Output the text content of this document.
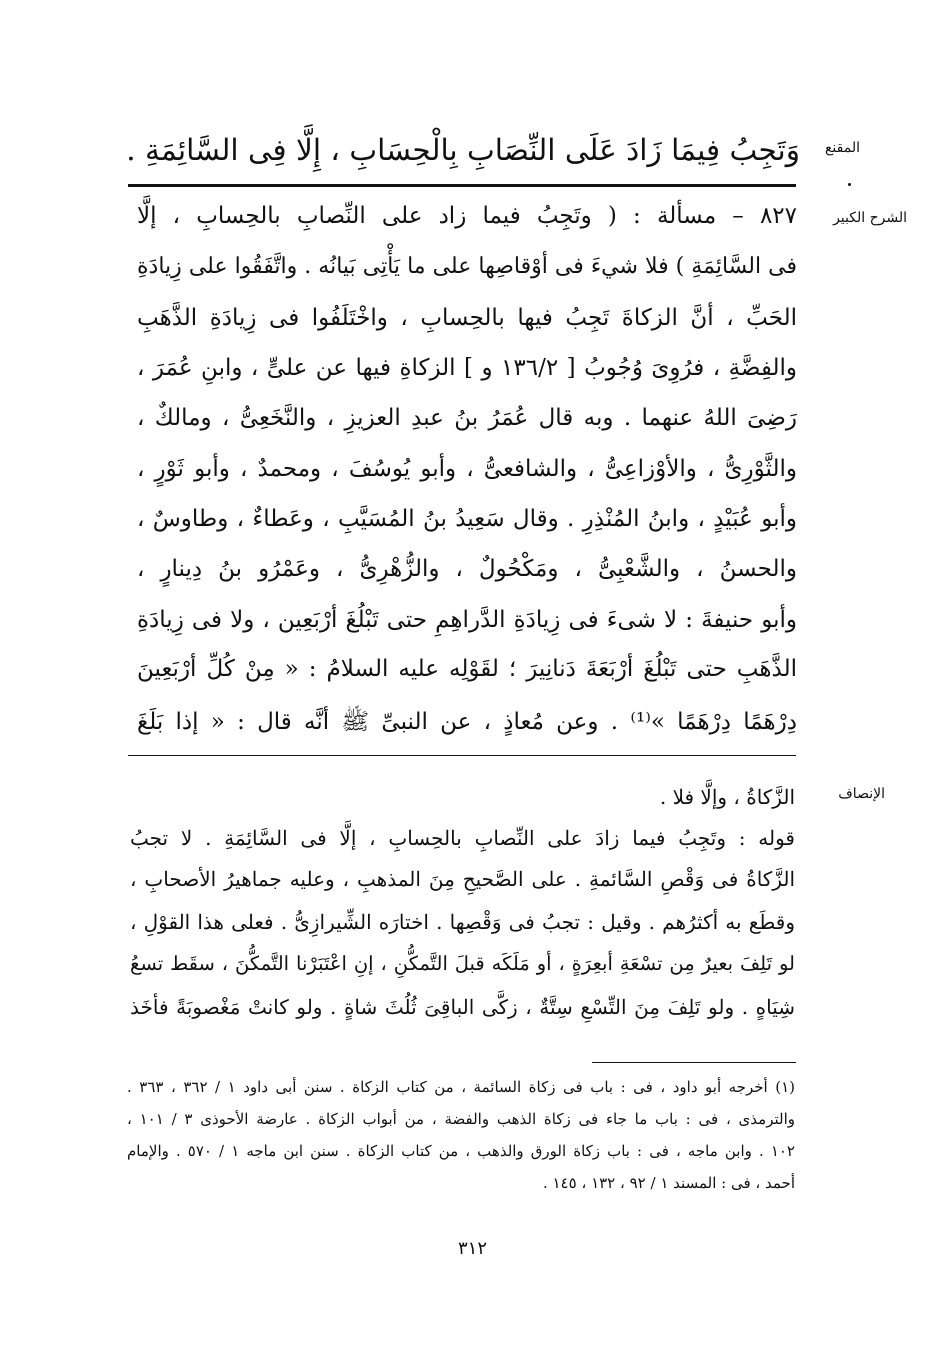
المقنع
الشرح الكبير
الإنصاف
وَتَجِبُ فِيمَا زَادَ عَلَى النِّصَابِ بِالْحِسَابِ ، إِلَّا فِى السَّائِمَةِ .
٨٢٧ – مسألة : ( وتَجِبُ فيما زاد على النِّصابِ بالحِسابِ ، إلَّا
فى السَّائِمَةِ ) فلا شيءَ فى أوْقاصِها على ما يَأْتِى بَيانُه . واتَّفَقُوا على زِيادَةِ
الحَبِّ ، أنَّ الزكاةَ تَجِبُ فيها بالحِسابِ ، واخْتَلَفُوا فى زِيادَةِ الذَّهَبِ
والفِضَّةِ ، فرُوِىَ وُجُوبُ [ ١٣٦/٢ و ] الزكاةِ فيها عن علىٍّ ، وابنِ عُمَرَ ،
رَضِىَ اللهُ عنهما . وبه قال عُمَرُ بنُ عبدِ العزيزِ ، والنَّخَعِىُّ ، ومالكٌ ،
والثَّوْرِىُّ ، والأوْزاعِىُّ ، والشافعىُّ ، وأبو يُوسُفَ ، ومحمدٌ ، وأبو ثَوْرٍ ،
وأبو عُبَيْدٍ ، وابنُ المُنْذِرِ . وقال سَعِيدُ بنُ المُسَيَّبِ ، وعَطاءٌ ، وطاوسٌ ،
والحسنُ ، والشَّعْبِىُّ ، ومَكْحُولٌ ، والزُّهْرِىُّ ، وعَمْرُو بنُ دِينارٍ ،
وأبو حنيفةَ : لا شىءَ فى زِيادَةِ الدَّراهِمِ حتى تَبْلُغَ أرْبَعِين ، ولا فى زِيادَةِ
الذَّهَبِ حتى تَبْلُغَ أرْبَعَةَ دَنانِيرَ ؛ لقَوْلِه عليه السلامُ : « مِنْ كُلِّ أرْبَعِينَ
دِرْهَمًا دِرْهَمًا »⁽¹⁾ . وعن مُعاذٍ ، عن النبىِّ ﷺ أنَّه قال : « إذا بَلَغَ
الزَّكاةُ ، وإلَّا فلا .
قوله : وتَجِبُ فيما زادَ على النِّصابِ بالحِسابِ ، إلَّا فى السَّائِمَةِ . لا تجبُ
الزَّكاةُ فى وَقْصِ السَّائمةِ . على الصَّحيحِ مِنَ المذهبِ ، وعليه جماهيرُ الأصحابِ ،
وقطَع به أكثرُهم . وقيل : تجبُ فى وَقْصِها . اختارَه الشِّيرازِىُّ . فعلى هذا القوْلِ ،
لو تَلِفَ بعيرٌ مِن تسْعَةِ أبعِرَةٍ ، أو مَلَكَه قبلَ التَّمكُّنِ ، إنِ اعْتَبَرْنا التَّمكُّنَ ، سقَط تسعُ
شِيَاهٍ . ولو تَلِفَ مِنَ التِّسْعِ سِتَّةٌ ، زكَّى الباقِىَ ثُلُثَ شاةٍ . ولو كانتْ مَغْصوبَةً فأخَذ
(١) أخرجه أبو داود ، فى : باب فى زكاة السائمة ، من كتاب الزكاة . سنن أبى داود ١ / ٣٦٢ ، ٣٦٣ .
والترمذى ، فى : باب ما جاء فى زكاة الذهب والفضة ، من أبواب الزكاة . عارضة الأحوذى ٣ / ١٠١ ،
١٠٢ . وابن ماجه ، فى : باب زكاة الورق والذهب ، من كتاب الزكاة . سنن ابن ماجه ١ / ٥٧٠ . والإمام
أحمد ، فى : المسند ١ / ٩٢ ، ١٣٢ ، ١٤٥ .
٣١٢
